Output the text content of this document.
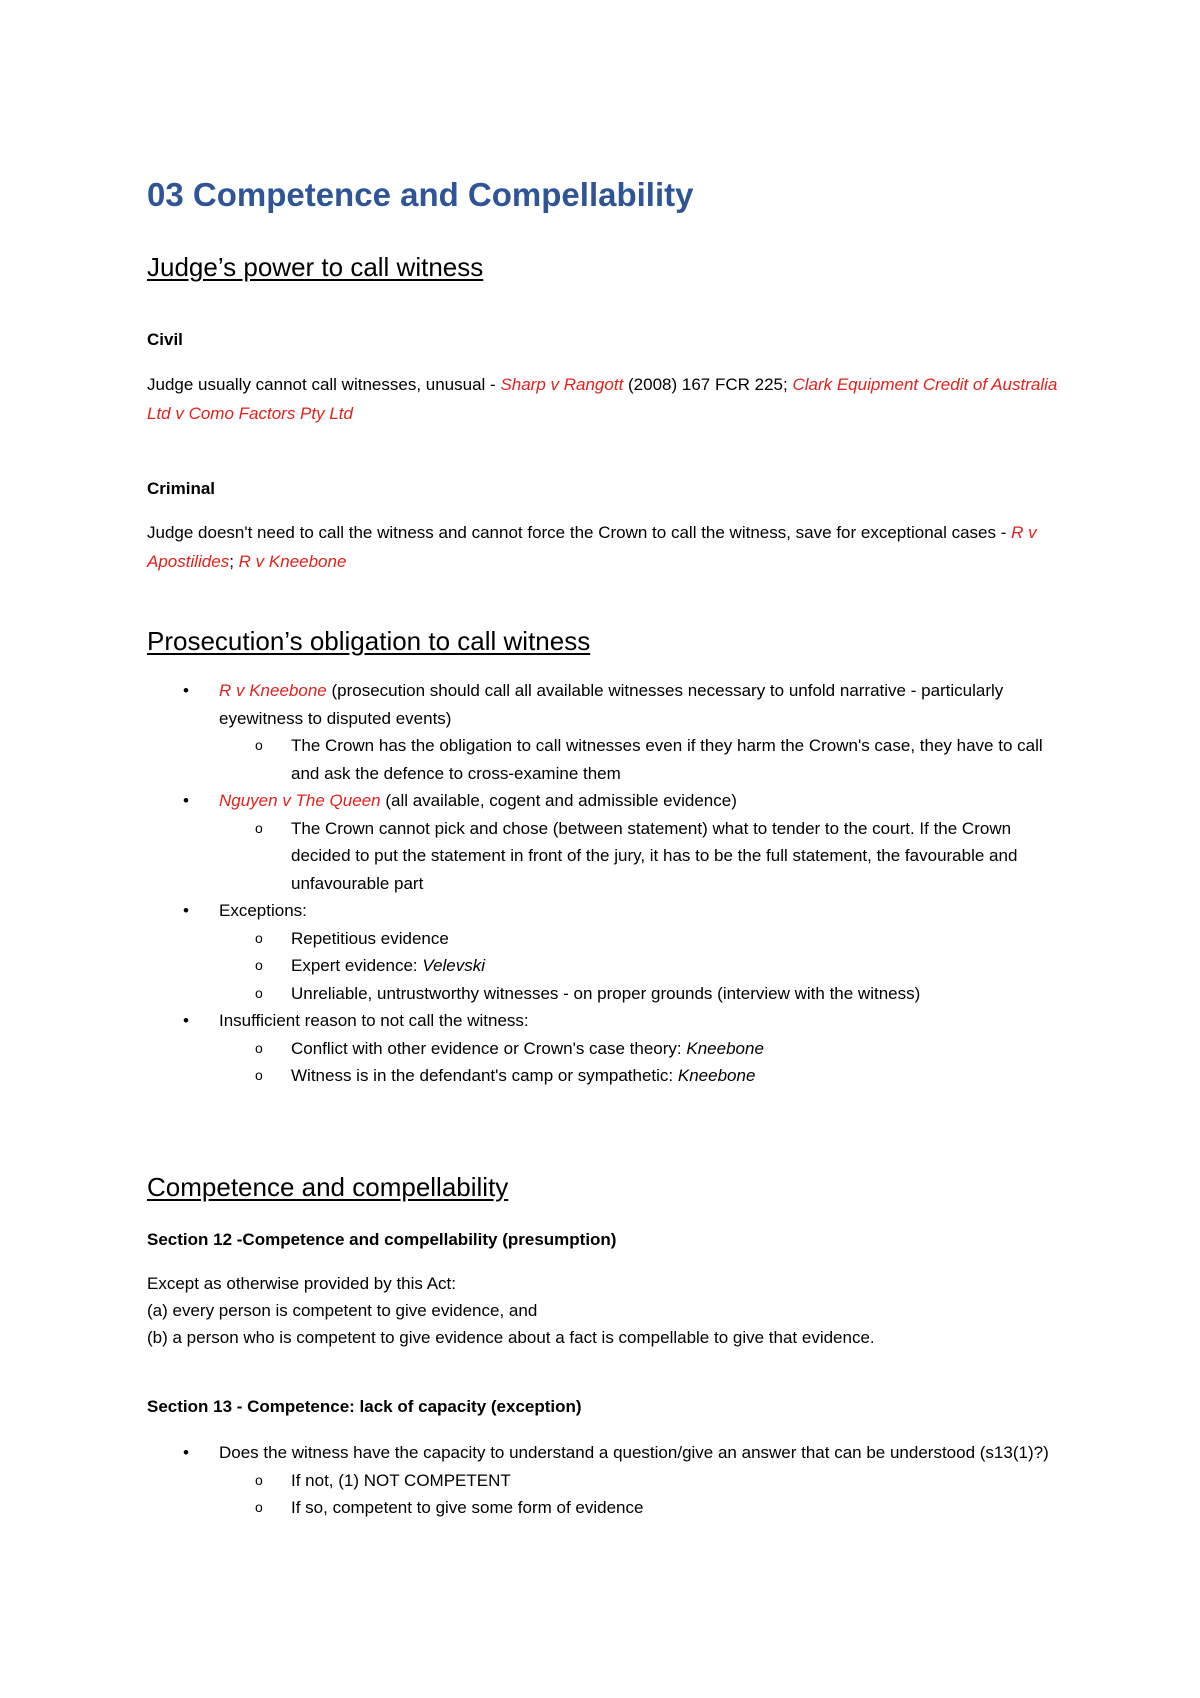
03 Competence and Compellability
Judge’s power to call witness
Civil

Judge usually cannot call witnesses, unusual - Sharp v Rangott (2008) 167 FCR 225; Clark Equipment Credit of Australia Ltd v Como Factors Pty Ltd

Criminal

Judge doesn't need to call the witness and cannot force the Crown to call the witness, save for exceptional cases - R v Apostilides; R v Kneebone

Prosecution’s obligation to call witness
• R v Kneebone (prosecution should call all available witnesses necessary to unfold narrative - particularly eyewitness to disputed events)
o The Crown has the obligation to call witnesses even if they harm the Crown's case, they have to call and ask the defence to cross-examine them
• Nguyen v The Queen (all available, cogent and admissible evidence)
o The Crown cannot pick and chose (between statement) what to tender to the court. If the Crown decided to put the statement in front of the jury, it has to be the full statement, the favourable and unfavourable part
• Exceptions:
o Repetitious evidence
o Expert evidence: Velevski
o Unreliable, untrustworthy witnesses - on proper grounds (interview with the witness)
• Insufficient reason to not call the witness:
o Conflict with other evidence or Crown's case theory: Kneebone
o Witness is in the defendant's camp or sympathetic: Kneebone
Competence and compellability
Section 12 -Competence and compellability (presumption)
Except as otherwise provided by this Act:
(a) every person is competent to give evidence, and
(b) a person who is competent to give evidence about a fact is compellable to give that evidence.
Section 13 - Competence: lack of capacity (exception)
• Does the witness have the capacity to understand a question/give an answer that can be understood (s13(1)?)
o If not, (1) NOT COMPETENT
o If so, competent to give some form of evidence
